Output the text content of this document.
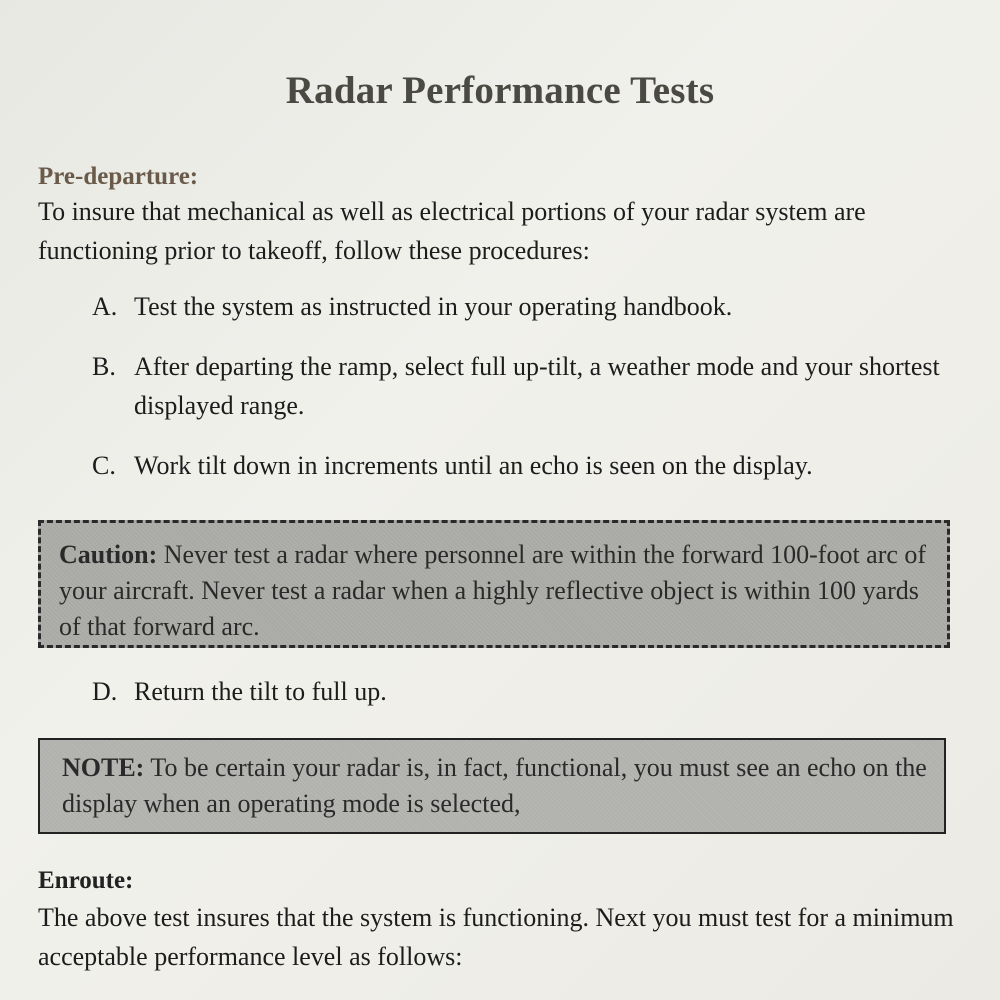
Radar Performance Tests
Pre-departure:
To insure that mechanical as well as electrical portions of your radar system are functioning prior to takeoff, follow these procedures:
A. Test the system as instructed in your operating handbook.
B. After departing the ramp, select full up-tilt, a weather mode and your shortest displayed range.
C. Work tilt down in increments until an echo is seen on the display.
Caution: Never test a radar where personnel are within the forward 100-foot arc of your aircraft. Never test a radar when a highly reflective object is within 100 yards of that forward arc.
D. Return the tilt to full up.
NOTE: To be certain your radar is, in fact, functional, you must see an echo on the display when an operating mode is selected,
Enroute:
The above test insures that the system is functioning. Next you must test for a minimum acceptable performance level as follows:
